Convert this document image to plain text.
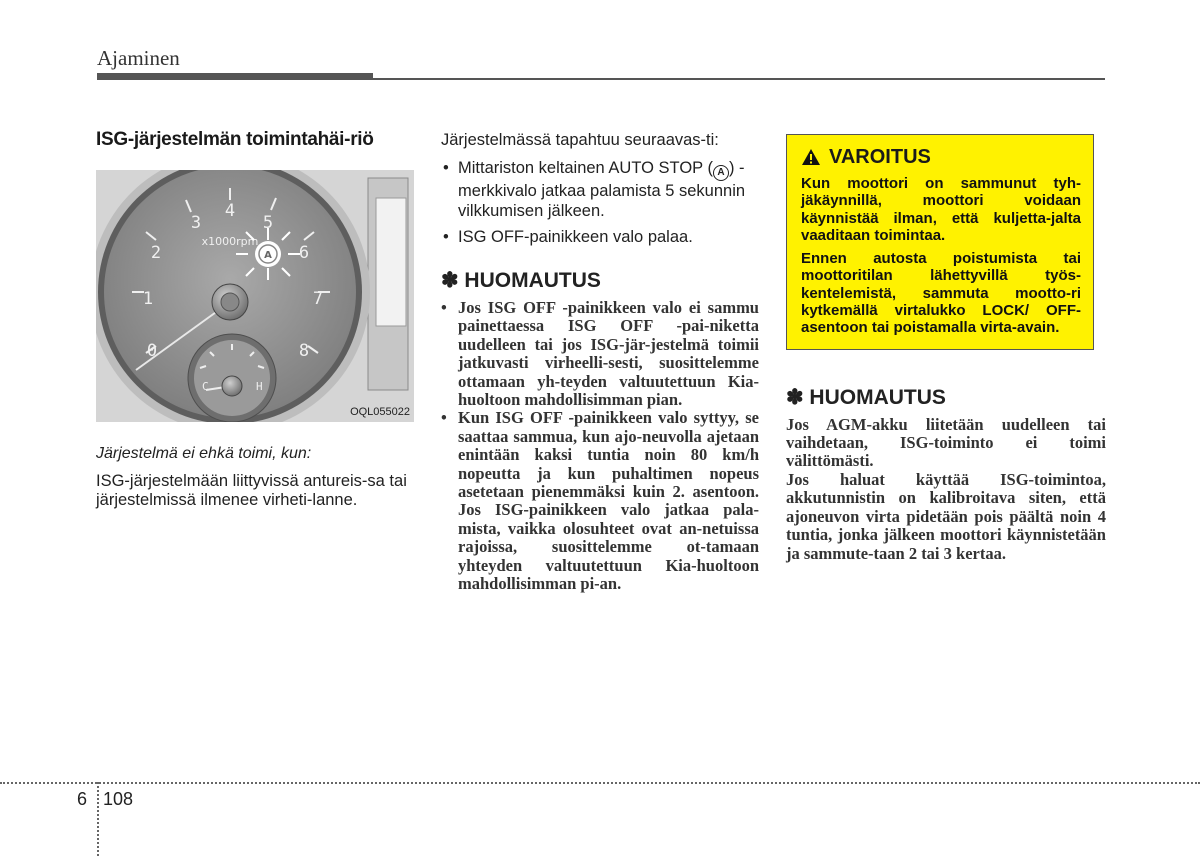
Ajaminen
ISG-järjestelmän toimintahäi-riö
0
1
2
3
4
5
6
7
8
x1000rpm
A
C	H
OQL055022

Järjestelmä ei ehkä toimi, kun:

ISG-järjestelmään liittyvissä antureis-sa tai järjestelmissä ilmenee virheti-lanne.

Järjestelmässä tapahtuu seuraavas-ti:

• Mittariston keltainen AUTO STOP ( A ) -merkkivalo jatkaa palamista 5 sekunnin vilkkumisen jälkeen.
• ISG OFF-painikkeen valo palaa.
✽ HUOMAUTUS
• Jos ISG OFF -painikkeen valo ei sammu painettaessa ISG OFF -pai-niketta uudelleen tai jos ISG-jär-jestelmä toimii jatkuvasti virheelli-sesti, suosittelemme ottamaan yh-teyden valtuutettuun Kia-huoltoon mahdollisimman pian.
• Kun ISG OFF -painikkeen valo syttyy, se saattaa sammua, kun ajo-neuvolla ajetaan enintään kaksi tuntia noin 80 km/h nopeutta ja kun puhaltimen nopeus asetetaan pienemmäksi kuin 2. asentoon. Jos ISG-painikkeen valo jatkaa pala-mista, vaikka olosuhteet ovat an-netuissa rajoissa, suosittelemme ot-tamaan yhteyden valtuutettuun Kia-huoltoon mahdollisimman pi-an.
VAROITUS

Kun moottori on sammunut tyh-jäkäynnillä, moottori voidaan käynnistää ilman, että kuljetta-jalta vaaditaan toimintaa.

Ennen autosta poistumista tai moottoritilan lähettyvillä työs-kentelemistä, sammuta mootto-ri kytkemällä virtalukko LOCK/ OFF-asentoon tai poistamalla virta-avain.

✽ HUOMAUTUS

Jos AGM-akku liitetään uudelleen tai vaihdetaan, ISG-toiminto ei toimi välittömästi.

Jos haluat käyttää ISG-toimintoa, akkutunnistin on kalibroitava siten, että ajoneuvon virta pidetään pois päältä noin 4 tuntia, jonka jälkeen moottori käynnistetään ja sammute-taan 2 tai 3 kertaa.

6 108
